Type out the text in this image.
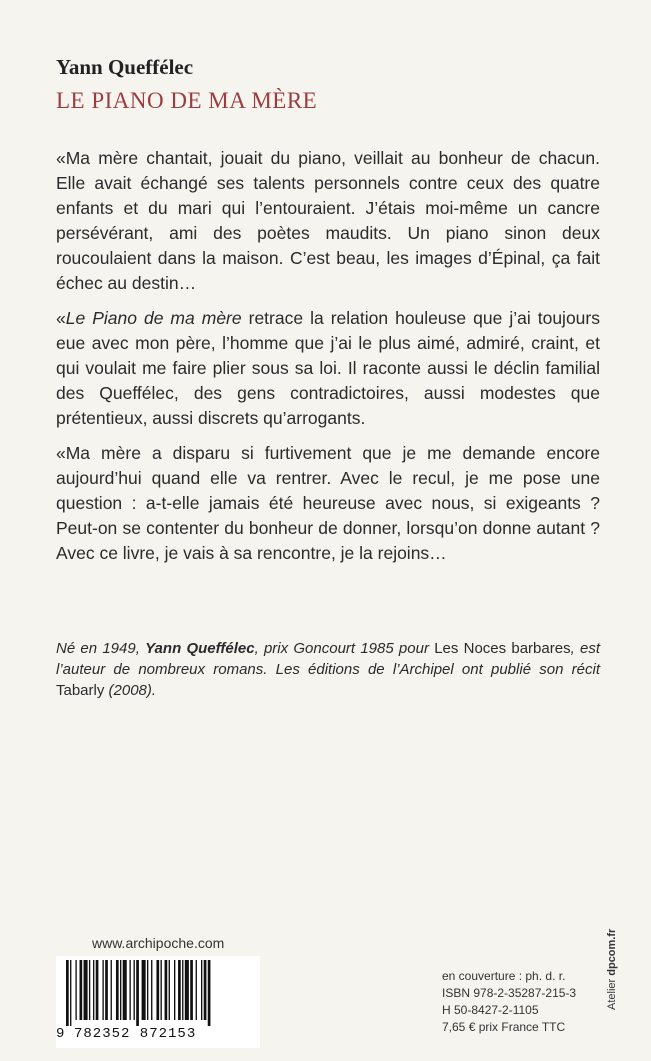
Yann Queffélec
LE PIANO DE MA MÈRE

«Ma mère chantait, jouait du piano, veillait au bonheur de chacun. Elle avait échangé ses talents personnels contre ceux des quatre enfants et du mari qui l’entouraient. J’étais moi-même un cancre persévérant, ami des poètes maudits. Un piano sinon deux roucoulaient dans la maison. C’est beau, les images d’Épinal, ça fait échec au destin…

«Le Piano de ma mère retrace la relation houleuse que j’ai toujours eue avec mon père, l’homme que j’ai le plus aimé, admiré, craint, et qui voulait me faire plier sous sa loi. Il raconte aussi le déclin familial des Queffélec, des gens contradictoires, aussi modestes que prétentieux, aussi discrets qu’arrogants.

«Ma mère a disparu si furtivement que je me demande encore aujourd’hui quand elle va rentrer. Avec le recul, je me pose une question : a-t-elle jamais été heureuse avec nous, si exigeants ? Peut-on se contenter du bonheur de donner, lorsqu’on donne autant ? Avec ce livre, je vais à sa rencontre, je la rejoins…

Né en 1949, Yann Queffélec, prix Goncourt 1985 pour Les Noces barbares, est l’auteur de nombreux romans. Les éditions de l’Archipel ont publié son récit Tabarly (2008).
www.archipoche.com
9 782352 872153
en couverture : ph. d. r.
ISBN 978-2-35287-215-3
H 50-8427-2-1105
7,65 € prix France TTC
Atelier dpcom.fr
